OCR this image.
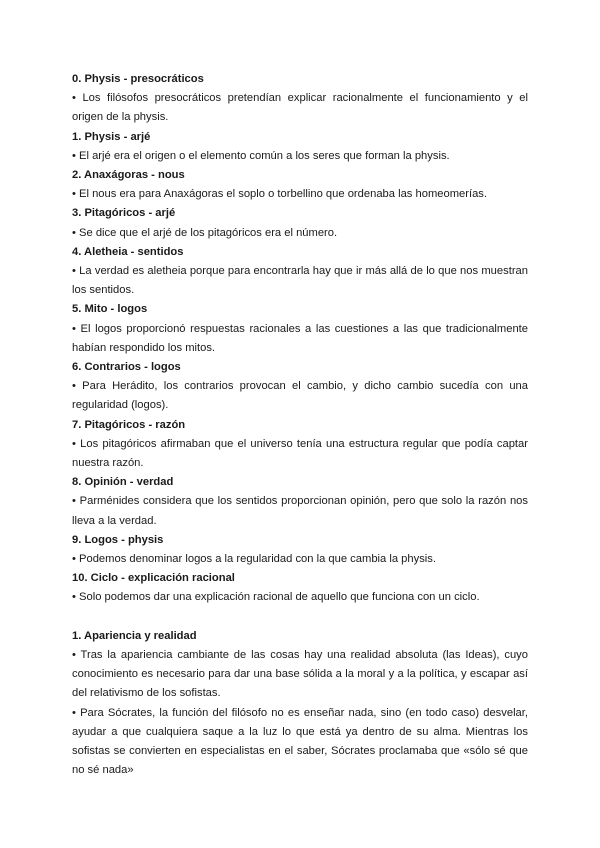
0. Physis - presocráticos

• Los filósofos presocráticos pretendían explicar racionalmente el funcionamiento y el origen de la physis.

1. Physis - arjé

• El arjé era el origen o el elemento común a los seres que forman la physis.

2. Anaxágoras - nous

• El nous era para Anaxágoras el soplo o torbellino que ordenaba las homeomerías.

3. Pitagóricos - arjé

• Se dice que el arjé de los pitagóricos era el número.

4. Aletheia - sentidos

• La verdad es aletheia porque para encontrarla hay que ir más allá de lo que nos muestran los sentidos.

5. Mito - logos

• El logos proporcionó respuestas racionales a las cuestiones a las que tradicionalmente habían respondido los mitos.

6. Contrarios - logos

• Para Herádito, los contrarios provocan el cambio, y dicho cambio sucedía con una regularidad (logos).

7. Pitagóricos - razón

• Los pitagóricos afirmaban que el universo tenía una estructura regular que podía captar nuestra razón.

8. Opinión - verdad

• Parménides considera que los sentidos proporcionan opinión, pero que solo la razón nos lleva a la verdad.

9. Logos - physis

• Podemos denominar logos a la regularidad con la que cambia la physis.

10. Ciclo - explicación racional

• Solo podemos dar una explicación racional de aquello que funciona con un ciclo.

1. Apariencia y realidad

• Tras la apariencia cambiante de las cosas hay una realidad absoluta (las Ideas), cuyo conocimiento es necesario para dar una base sólida a la moral y a la política, y escapar así del relativismo de los sofistas.

• Para Sócrates, la función del filósofo no es enseñar nada, sino (en todo caso) desvelar, ayudar a que cualquiera saque a la luz lo que está ya dentro de su alma. Mientras los sofistas se convierten en especialistas en el saber, Sócrates proclamaba que «sólo sé que no sé nada»
